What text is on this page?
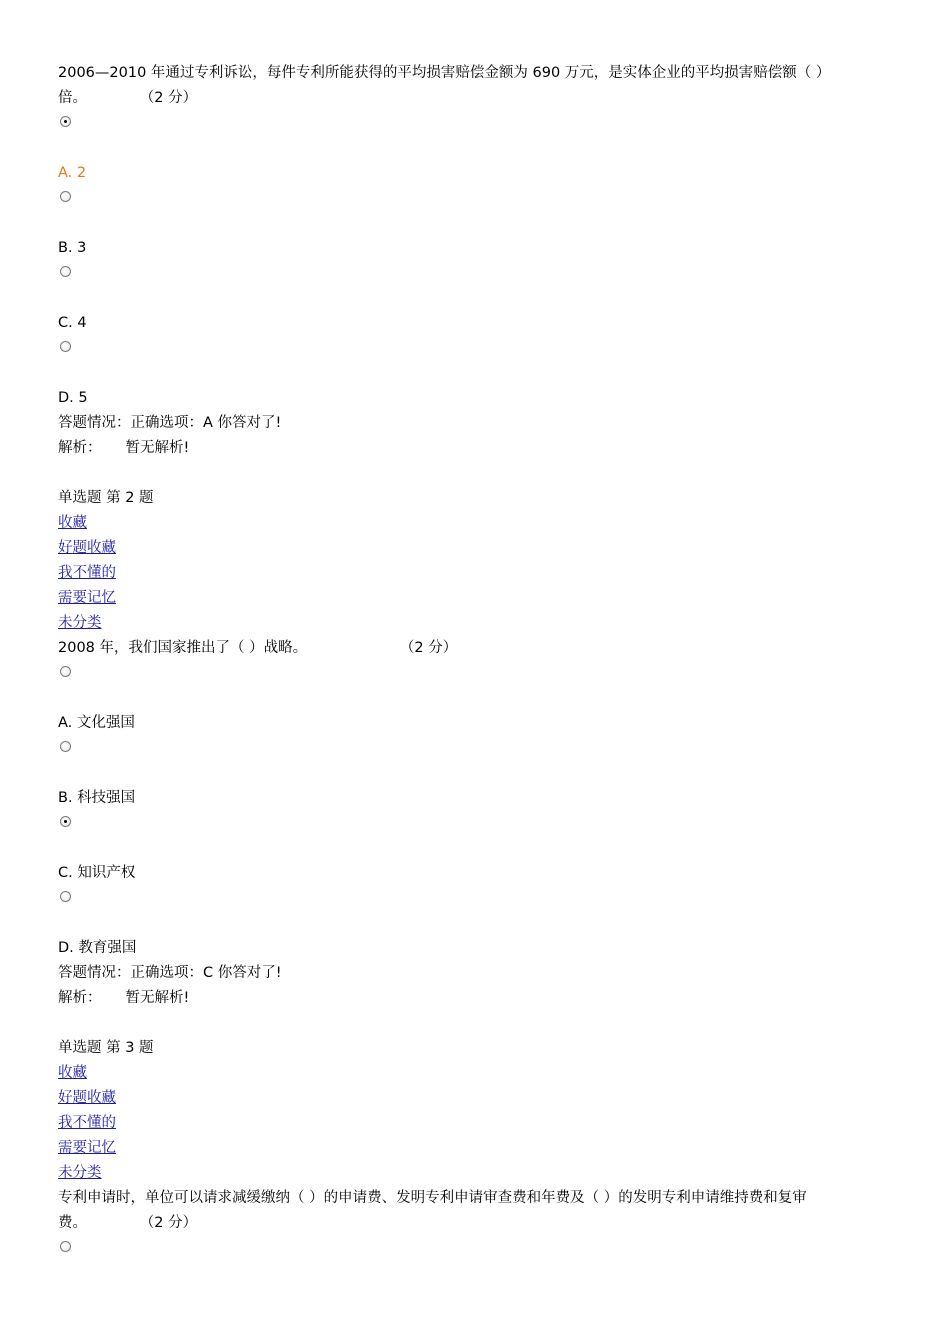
2006—2010 年通过专利诉讼，每件专利所能获得的平均损害赔偿金额为 690 万元，是实体企业的平均损害赔偿额（ ）
倍。	（2 分）
A. 2
B. 3
C. 4
D. 5
答题情况：正确选项：A 你答对了!
解析： 暂无解析!
单选题 第 2 题
收藏
好题收藏
我不懂的
需要记忆
未分类
2008 年，我们国家推出了（ ）战略。	（2 分）
A. 文化强国
B. 科技强国
C. 知识产权
D. 教育强国
答题情况：正确选项：C 你答对了!
解析： 暂无解析!
单选题 第 3 题
收藏
好题收藏
我不懂的
需要记忆
未分类
专利申请时，单位可以请求减缓缴纳（ ）的申请费、发明专利申请审查费和年费及（ ）的发明专利申请维持费和复审
费。	（2 分）
